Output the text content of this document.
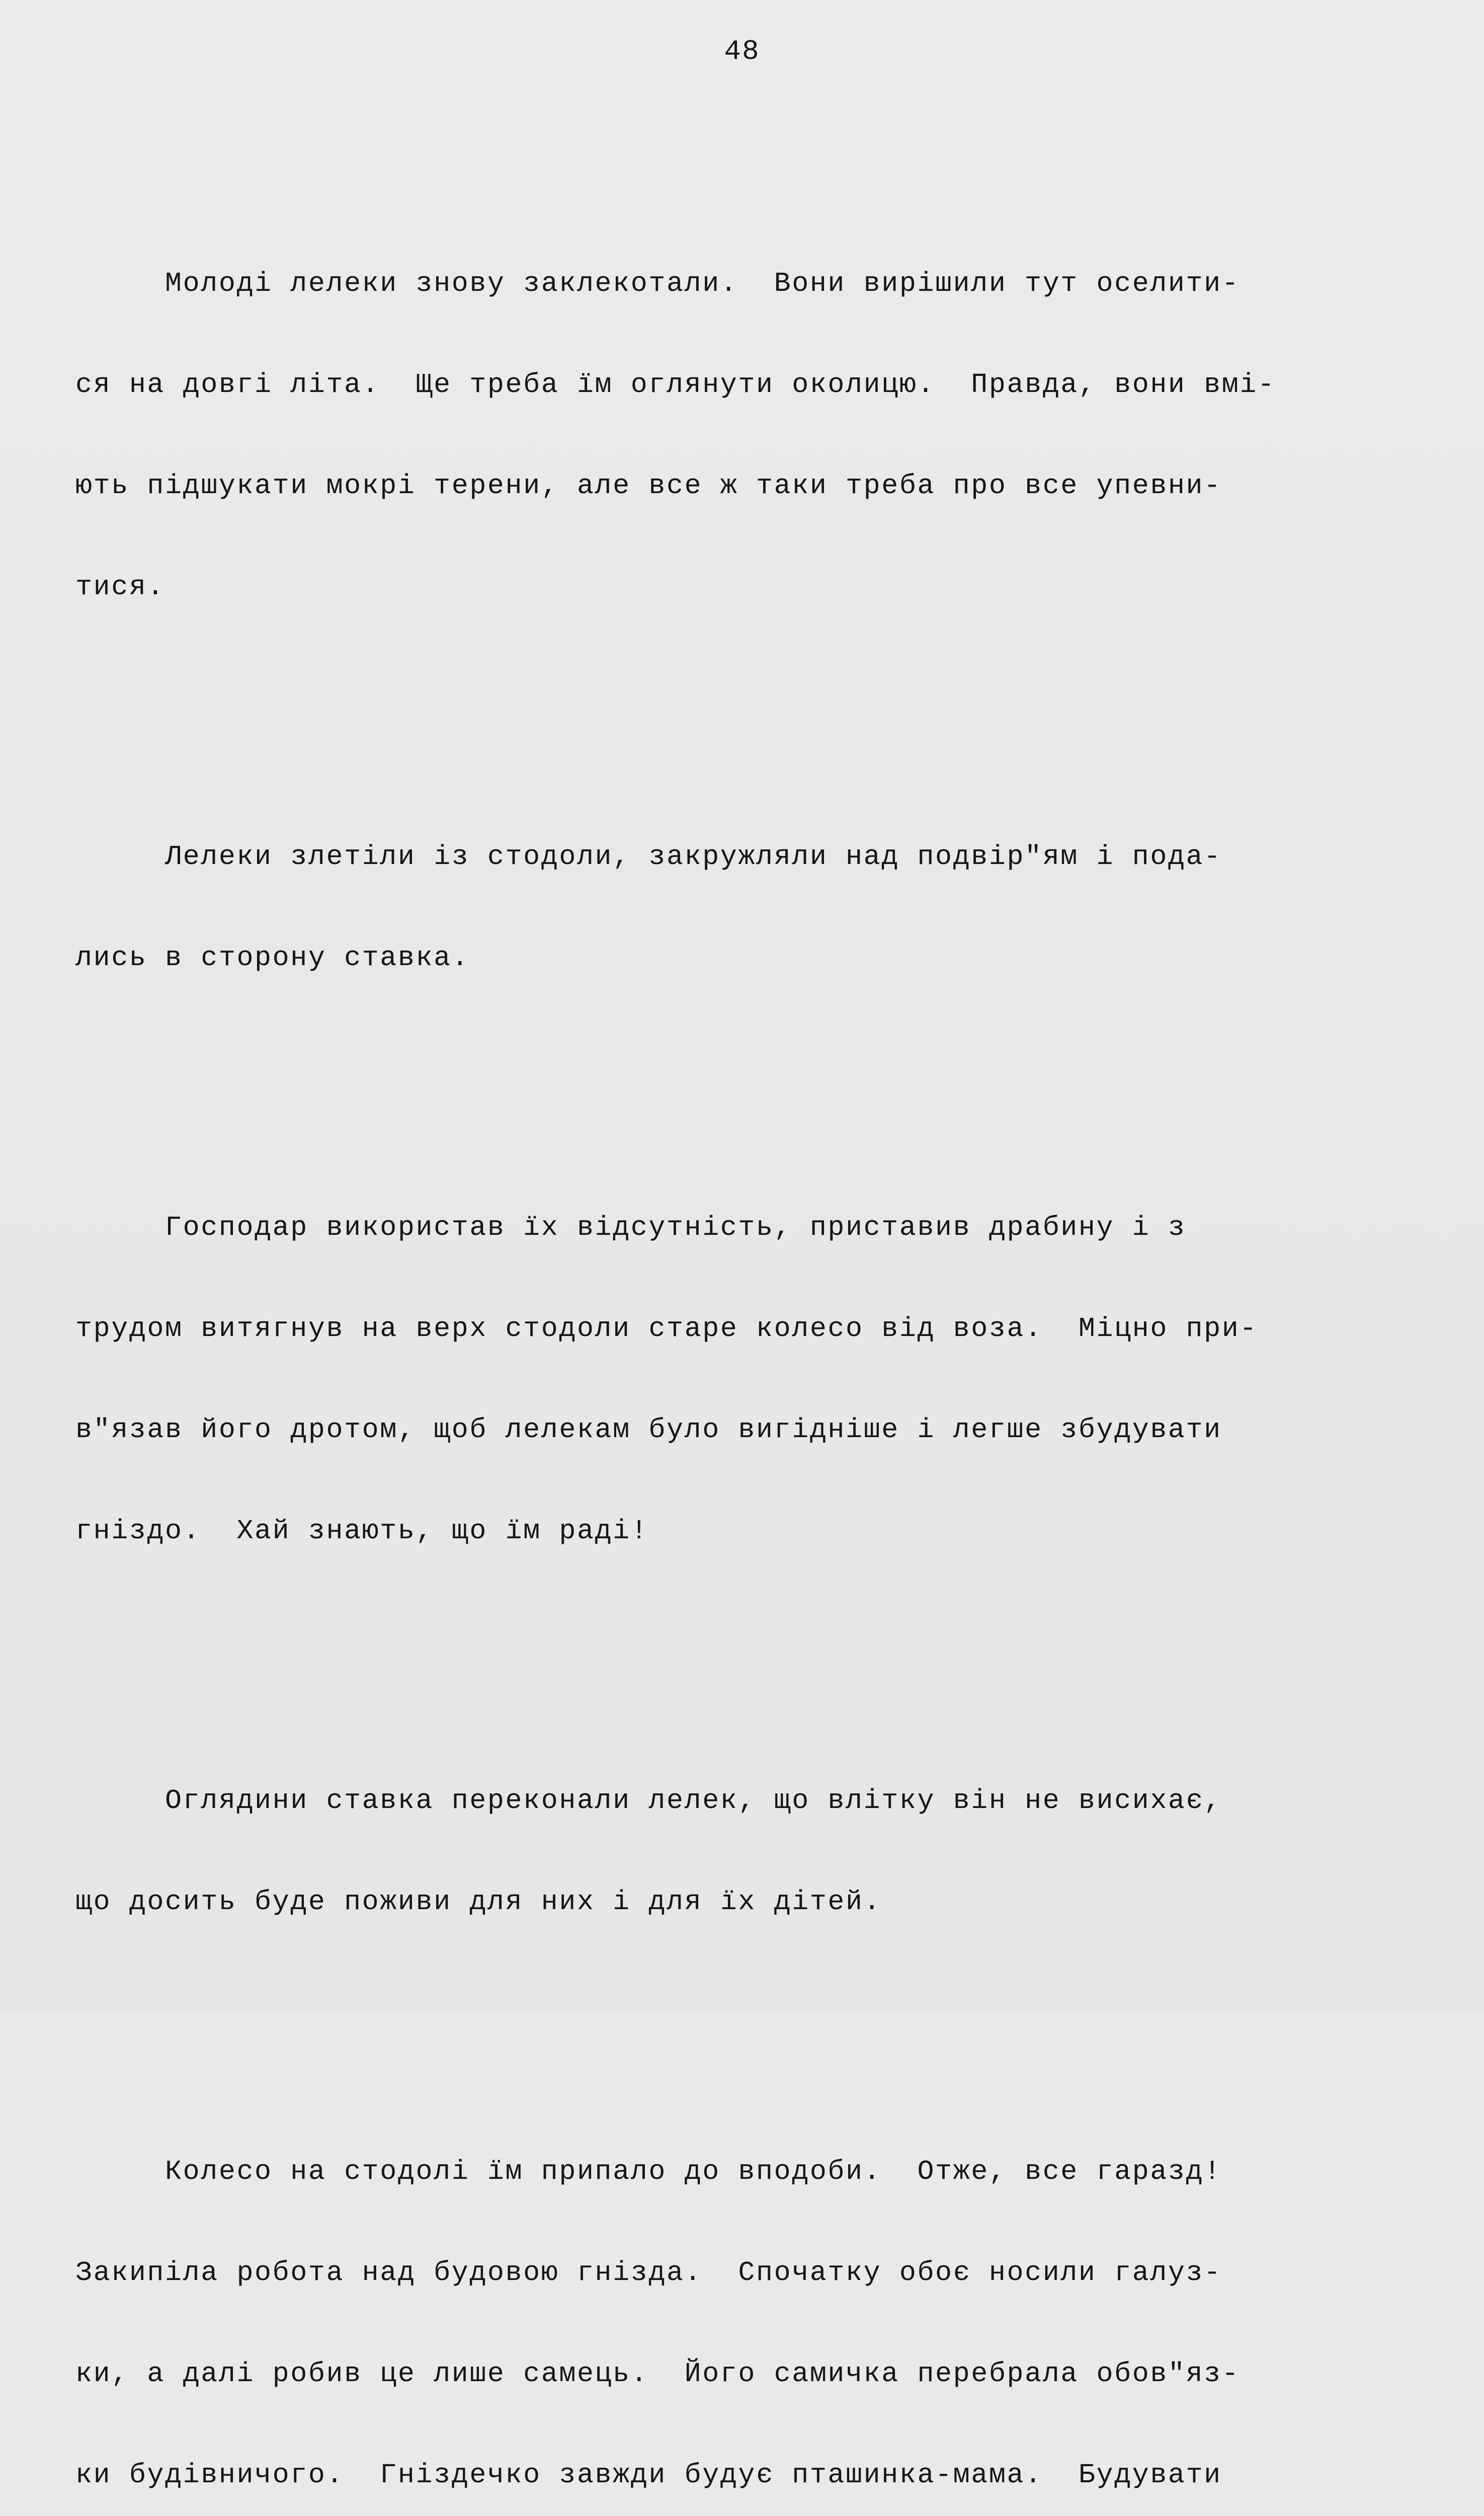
48

Молоді лелеки знову заклекотали.  Вони вирішили тут оселити-

ся на довгі літа.  Ще треба їм оглянути околицю.  Правда, вони вмі-

ють підшукати мокрі терени, але все ж таки треба про все упевни-

тися.

Лелеки злетіли із стодоли, закружляли над подвір"ям і пода-

лись в сторону ставка.

Господар використав їх відсутність, приставив драбину і з

трудом витягнув на верх стодоли старе колесо від воза.  Міцно при-

в"язав його дротом, щоб лелекам було вигідніше і легше збудувати

гніздо.  Хай знають, що їм раді!

Оглядини ставка переконали лелек, що влітку він не висихає,

що досить буде поживи для них і для їх дітей.

Колесо на стодолі їм припало до вподоби.  Отже, все гаразд!

Закипіла робота над будовою гнізда.  Спочатку обоє носили галуз-

ки, а далі робив це лише самець.  Його самичка перебрала обов"яз-

ки будівничого.  Гніздечко завжди будує пташинка-мама.  Будувати
